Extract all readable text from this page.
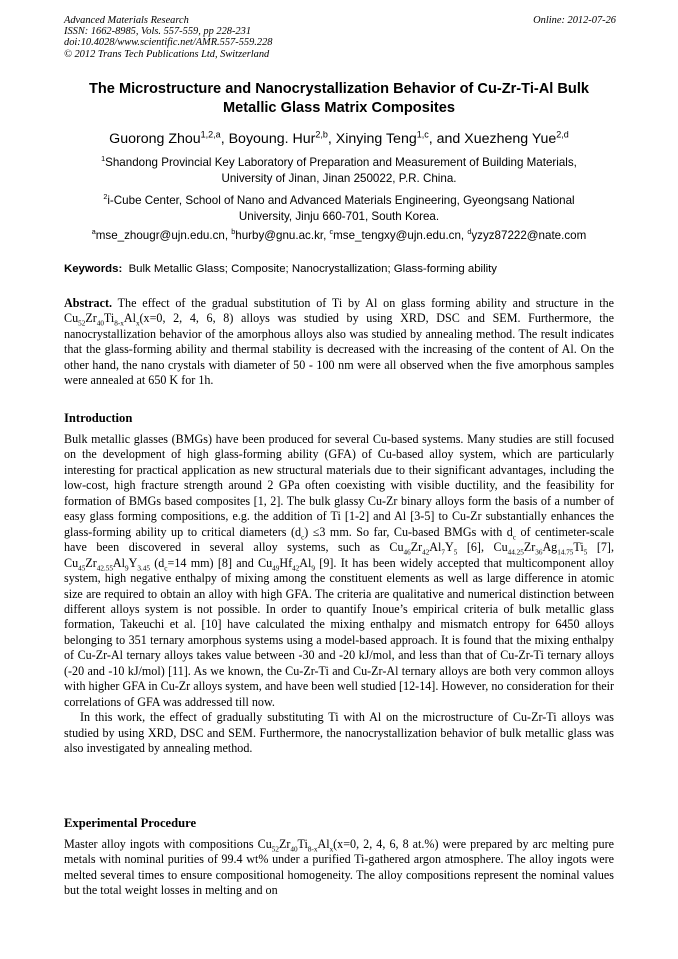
Advanced Materials Research
ISSN: 1662-8985, Vols. 557-559, pp 228-231
doi:10.4028/www.scientific.net/AMR.557-559.228
© 2012 Trans Tech Publications Ltd, Switzerland
Online: 2012-07-26
The Microstructure and Nanocrystallization Behavior of Cu-Zr-Ti-Al Bulk
Metallic Glass Matrix Composites
Guorong Zhou$^{1,2,a}$, Boyoung. Hur$^{2,b}$, Xinying Teng$^{1,c}$, and Xuezheng Yue$^{2,d}$
$^1$Shandong Provincial Key Laboratory of Preparation and Measurement of Building Materials,
University of Jinan, Jinan 250022, P.R. China.
$^2$i-Cube Center, School of Nano and Advanced Materials Engineering, Gyeongsang National
University, Jinju 660-701, South Korea.
$^a$mse_zhougr@ujn.edu.cn, $^b$hurby@gnu.ac.kr, $^c$mse_tengxy@ujn.edu.cn, $^d$yzyz87222@nate.com
Keywords:  Bulk Metallic Glass; Composite; Nanocrystallization; Glass-forming ability

Abstract. The effect of the gradual substitution of Ti by Al on glass forming ability and structure in the $Cu_{52}Zr_{40}Ti_{8-x}Al_x(x=0$, 2, 4, 6, 8) alloys was studied by using XRD, DSC and SEM. Furthermore, the nanocrystallization behavior of the amorphous alloys also was studied by annealing method. The result indicates that the glass-forming ability and thermal stability is decreased with the increasing of the content of Al. On the other hand, the nano crystals with diameter of 50 - 100 nm were all observed when the five amorphous samples were annealed at 650 K for 1h.

Introduction

Bulk metallic glasses (BMGs) have been produced for several Cu-based systems. Many studies are still focused on the development of high glass-forming ability (GFA) of Cu-based alloy system, which are particularly interesting for practical application as new structural materials due to their significant advantages, including the low-cost, high fracture strength around 2 GPa often coexisting with visible ductility, and the feasibility for formation of BMGs based composites [1, 2]. The bulk glassy Cu-Zr binary alloys form the basis of a number of easy glass forming compositions, e.g. the addition of Ti [1-2] and Al [3-5] to Cu-Zr substantially enhances the glass-forming ability up to critical diameters $(d_c) \le 3$ mm. So far, Cu-based BMGs with $d_c$ of centimeter-scale have been discovered in several alloy systems, such as $Cu_{46}Zr_{42}Al_7Y_5$ [6], $Cu_{44.25}Zr_{36}Ag_{14.75}Ti_5$ [7], $Cu_{45}Zr_{42.55}Al_9Y_{3.45}$ ($d_c=14$ mm) [8] and $Cu_{49}Hf_{42}Al_9$ [9]. It has been widely accepted that multicomponent alloy system, high negative enthalpy of mixing among the constituent elements as well as large difference in atomic size are required to obtain an alloy with high GFA. The criteria are qualitative and numerical distinction between different alloys system is not possible. In order to quantify Inoue’s empirical criteria of bulk metallic glass formation, Takeuchi et al. [10] have calculated the mixing enthalpy and mismatch entropy for 6450 alloys belonging to 351 ternary amorphous systems using a model-based approach. It is found that the mixing enthalpy of Cu-Zr-Al ternary alloys takes value between -30 and -20 kJ/mol, and less than that of Cu-Zr-Ti ternary alloys (-20 and -10 kJ/mol) [11]. As we known, the Cu-Zr-Ti and Cu-Zr-Al ternary alloys are both very common alloys with higher GFA in Cu-Zr alloys system, and have been well studied [12-14]. However, no consideration for their correlations of GFA was addressed till now.

In this work, the effect of gradually substituting Ti with Al on the microstructure of Cu-Zr-Ti alloys was studied by using XRD, DSC and SEM. Furthermore, the nanocrystallization behavior of bulk metallic glass was also investigated by annealing method.

Experimental Procedure

Master alloy ingots with compositions $Cu_{52}Zr_{40}Ti_{8-x}Al_x(x=0$, 2, 4, 6, 8 at.%) were prepared by arc melting pure metals with nominal purities of 99.4 wt% under a purified Ti-gathered argon atmosphere. The alloy ingots were melted several times to ensure compositional homogeneity. The alloy compositions represent the nominal values but the total weight losses in melting and on
